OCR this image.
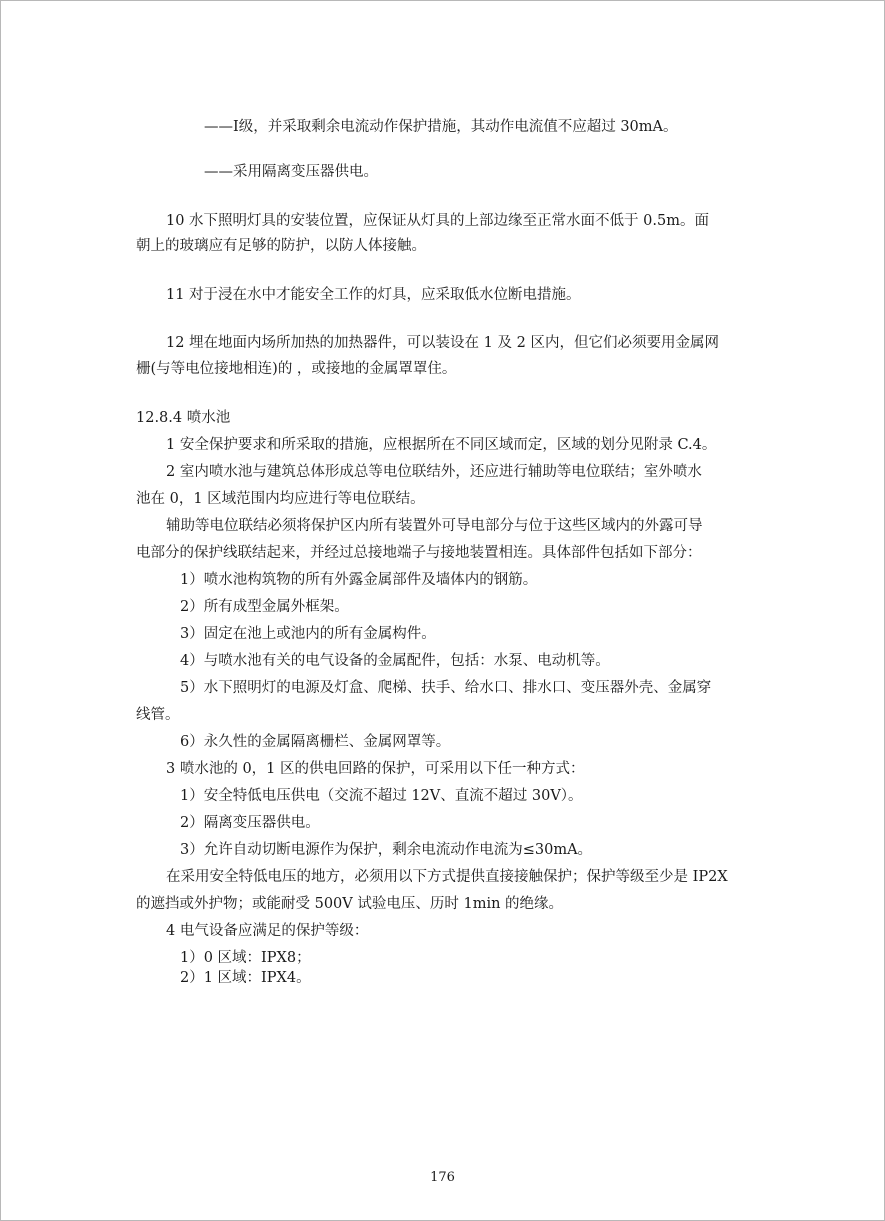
——Ⅰ级，并采取剩余电流动作保护措施，其动作电流值不应超过 30mA。
——采用隔离变压器供电。
10 水下照明灯具的安装位置，应保证从灯具的上部边缘至正常水面不低于 0.5m。面
朝上的玻璃应有足够的防护，以防人体接触。
11 对于浸在水中才能安全工作的灯具，应采取低水位断电措施。
12 埋在地面内场所加热的加热器件，可以装设在 1 及 2 区内，但它们必须要用金属网
栅(与等电位接地相连)的 ，或接地的金属罩罩住。
12.8.4 喷水池
1 安全保护要求和所采取的措施，应根据所在不同区域而定，区域的划分见附录 C.4。
2 室内喷水池与建筑总体形成总等电位联结外，还应进行辅助等电位联结；室外喷水
池在 0，1 区域范围内均应进行等电位联结。
辅助等电位联结必须将保护区内所有装置外可导电部分与位于这些区域内的外露可导
电部分的保护线联结起来，并经过总接地端子与接地装置相连。具体部件包括如下部分：
1）喷水池构筑物的所有外露金属部件及墙体内的钢筋。
2）所有成型金属外框架。
3）固定在池上或池内的所有金属构件。
4）与喷水池有关的电气设备的金属配件，包括：水泵、电动机等。
5）水下照明灯的电源及灯盒、爬梯、扶手、给水口、排水口、变压器外壳、金属穿
线管。
6）永久性的金属隔离栅栏、金属网罩等。
3 喷水池的 0，1 区的供电回路的保护，可采用以下任一种方式：
1）安全特低电压供电（交流不超过 12V、直流不超过 30V）。
2）隔离变压器供电。
3）允许自动切断电源作为保护，剩余电流动作电流为≤30mA。
在采用安全特低电压的地方，必须用以下方式提供直接接触保护；保护等级至少是 IP2X
的遮挡或外护物；或能耐受 500V 试验电压、历时 1min 的绝缘。
4 电气设备应满足的保护等级：
1）0 区域：IPX8；
2）1 区域：IPX4。
176
